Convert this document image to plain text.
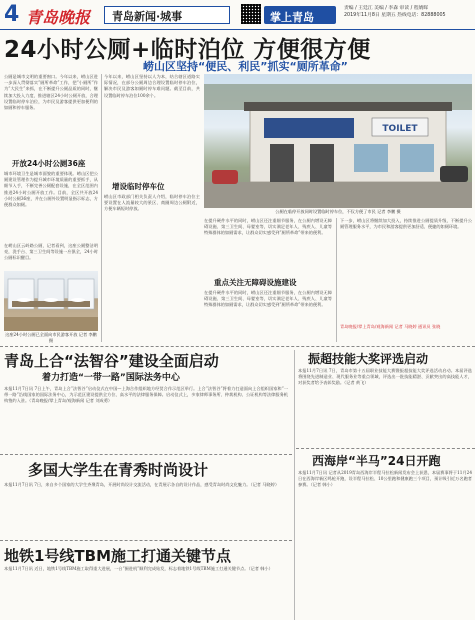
4 青岛晚报 青岛新闻·城事	掌上青岛
责编 / 王廷江 美编 / 李森 审读 / 程婧晖
2019年11月8日 星期五 热线电话：82888005
24小时公厕+临时泊位 方便很方便
崂山区坚持“便民、利民”抓实“厕所革命”
公厕是城市文明的重要窗口。今年以来，崂山区进一步深入贯彻落实“厕所革命”工作，把“小厕所”作为“大民生”来抓，在不断提升公厕品质的同时，继续加大投入力度，推进辖区24小时公厕开放，合理设置临时停车泊位，为市民及游客提供更加便利的如厕和停车服务。
开放24小时公厕36座
城市环境卫生是城市面貌的重要体现。崂山区把公厕建设管理作为提升城市环境质量的重要抓手，从细节入手，不断完善公厕配套设施，在全区范围内推进24小时公厕开放工作。目前，全区共开放24小时公厕36座，并在公厕外设置明显指示标志，方便群众如厕。
在崂山区云岭路公厕，记者看到，这座公厕整洁明亮，洗手台、第三卫生间等设施一应俱全，24小时公厕标识醒目。
这座24小时公厕已全面向市民游客开放 记者 李鹏 摄
今年以来，崂山区坚持以人为本，结合辖区道路实际情况，在部分公厕周边合理设置临时停车泊位，解决市民及游客如厕时停车难问题。截至目前，共设置临时停车泊位100余个。
增设临时停车位
崂山区市政部门相关负责人介绍，临时停车泊位主要设置在人流量较大的景区、商圈周边公厕附近，方便车辆短时停放。
TOILET
公厕在临停开放同时设置临时停车位，不仅方便了市民 记者 李鹏 摄
在提升硬件水平的同时，崂山区还注重细节服务，在公厕内增设无障碍设施、第三卫生间、母婴室等，切实满足老年人、残疾人、儿童等特殊群体的如厕需求，让群众切实感受到“厕所革命”带来的便利。
重点关注无障碍设施建设
在提升硬件水平的同时，崂山区还注重细节服务，在公厕内增设无障碍设施、第三卫生间、母婴室等，切实满足老年人、残疾人、儿童等特殊群体的如厕需求，让群众切实感受到“厕所革命”带来的便利。
下一步，崂山区将继续加大投入，持续推进公厕提质升级，不断提升公厕管理服务水平，为市民和游客提供更加舒适、便捷的如厕环境。
青岛晚报/掌上青岛/观海新闻 记者 马晓婷 通讯员 张晓
青岛上合“法智谷”建设全面启动
着力打造“一带一路”国际法务中心
本报11月7日讯 7日上午，青岛上合“法智谷”启动仪式在中国—上海合作组织地方经贸合作示范区举行。上合“法智谷”将着力打造面向上合组织国家和“一带一路”沿线国家的国际法务中心，为示范区建设提供全方位、高水平的法律服务保障。启动仪式上，多家律师事务所、仲裁机构、公证机构等法律服务机构签约入驻。（青岛晚报/掌上青岛/观海新闻 记者 刘成勇）
多国大学生在青秀时尚设计
本报11月7日讯 7日，来自多个国家的大学生齐聚青岛，开展时尚设计交流活动，在青展示各自的设计作品，感受青岛时尚文化魅力。（记者 马晓婷）
地铁1号线TBM施工打通关键节点
本报11月7日讯 近日，地铁1号线TBM施工取得重大进展，一台“掘进机”顺利完成始发，标志着地铁1号线TBM施工打通关键节点。（记者 韩小）
振超技能大奖评选启动
本报11月7日讯 7日，青岛市第十五届职业技能大赛暨振超技能大奖评选活动启动。本届评选将围绕先进制造业、现代服务业等重点领域，评选出一批技能精湛、贡献突出的高技能人才，对获奖者给予表彰奖励。（记者 黄飞）
西海岸“半马”24日开跑
本报11月7日讯 记者从2019青岛西海岸半程马拉松新闻发布会上获悉，本届赛事将于11月24日在西海岸新区鸣枪开跑，设半程马拉松、10公里跑和健康跑三个项目，预计吸引近万名跑者参赛。（记者 韩小）
